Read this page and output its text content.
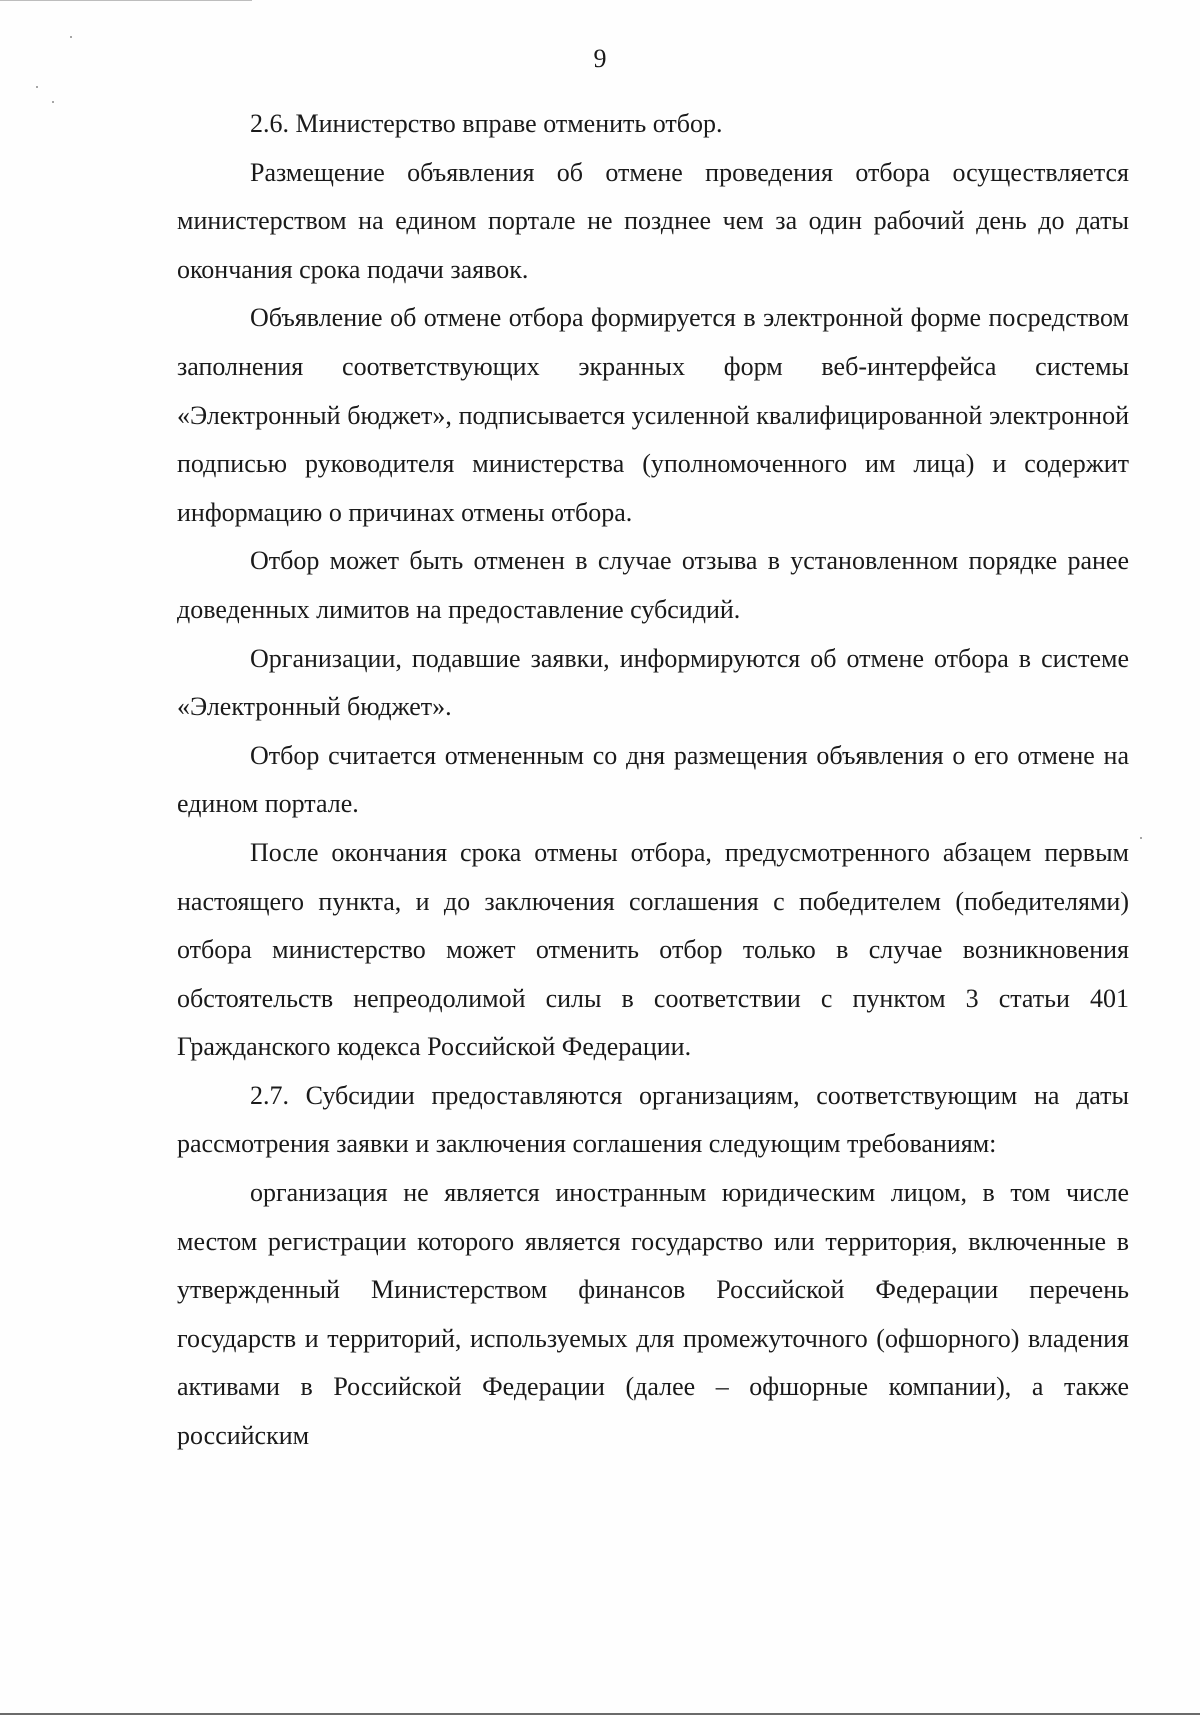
9

2.6. Министерство вправе отменить отбор.

Размещение объявления об отмене проведения отбора осуществляется министерством на едином портале не позднее чем за один рабочий день до даты окончания срока подачи заявок.

Объявление об отмене отбора формируется в электронной форме посредством заполнения соответствующих экранных форм веб-интерфейса системы «Электронный бюджет», подписывается усиленной квалифицированной электронной подписью руководителя министерства (уполномоченного им лица) и содержит информацию о причинах отмены отбора.

Отбор может быть отменен в случае отзыва в установленном порядке ранее доведенных лимитов на предоставление субсидий.

Организации, подавшие заявки, информируются об отмене отбора в системе «Электронный бюджет».

Отбор считается отмененным со дня размещения объявления о его отмене на едином портале.

После окончания срока отмены отбора, предусмотренного абзацем первым настоящего пункта, и до заключения соглашения с победителем (победителями) отбора министерство может отменить отбор только в случае возникновения обстоятельств непреодолимой силы в соответствии с пунктом 3 статьи 401 Гражданского кодекса Российской Федерации.

2.7. Субсидии предоставляются организациям, соответствующим на даты рассмотрения заявки и заключения соглашения следующим требованиям:

организация не является иностранным юридическим лицом, в том числе местом регистрации которого является государство или территория, включенные в утвержденный Министерством финансов Российской Федерации перечень государств и территорий, используемых для промежуточного (офшорного) владения активами в Российской Федерации (далее – офшорные компании), а также российским
